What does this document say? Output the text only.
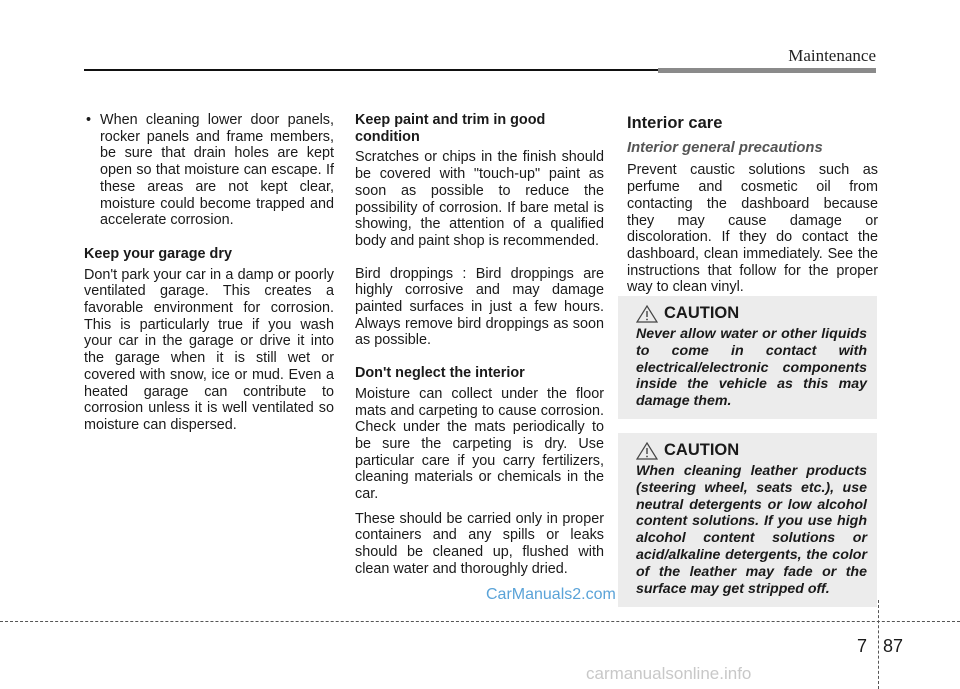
Maintenance
• When cleaning lower door panels, rocker panels and frame members, be sure that drain holes are kept open so that moisture can escape. If these areas are not kept clear, moisture could become trapped and accelerate corrosion.
Keep your garage dry
Don't park your car in a damp or poorly ventilated garage. This creates a favorable environment for corrosion. This is particularly true if you wash your car in the garage or drive it into the garage when it is still wet or covered with snow, ice or mud. Even a heated garage can contribute to corrosion unless it is well ventilated so moisture can dispersed.
Keep paint and trim in good condition
Scratches or chips in the finish should be covered with "touch-up" paint as soon as possible to reduce the possibility of corrosion. If bare metal is showing, the attention of a qualified body and paint shop is recommended.
Bird droppings : Bird droppings are highly corrosive and may damage painted surfaces in just a few hours. Always remove bird droppings as soon as possible.
Don't neglect the interior
Moisture can collect under the floor mats and carpeting to cause corrosion. Check under the mats periodically to be sure the carpeting is dry. Use particular care if you carry fertilizers, cleaning materials or chemicals in the car.
These should be carried only in proper containers and any spills or leaks should be cleaned up, flushed with clean water and thoroughly dried.
Interior care
Interior general precautions
Prevent caustic solutions such as perfume and cosmetic oil from contacting the dashboard because they may cause damage or discoloration. If they do contact the dashboard, clean immediately. See the instructions that follow for the proper way to clean vinyl.
CAUTION
Never allow water or other liquids to come in contact with electrical/electronic components inside the vehicle as this may damage them.
CAUTION
When cleaning leather products (steering wheel, seats etc.), use neutral detergents or low alcohol content solutions. If you use high alcohol content solutions or acid/alkaline detergents, the color of the leather may fade or the surface may get stripped off.
CarManuals2.com
7 87
carmanualsonline.info
